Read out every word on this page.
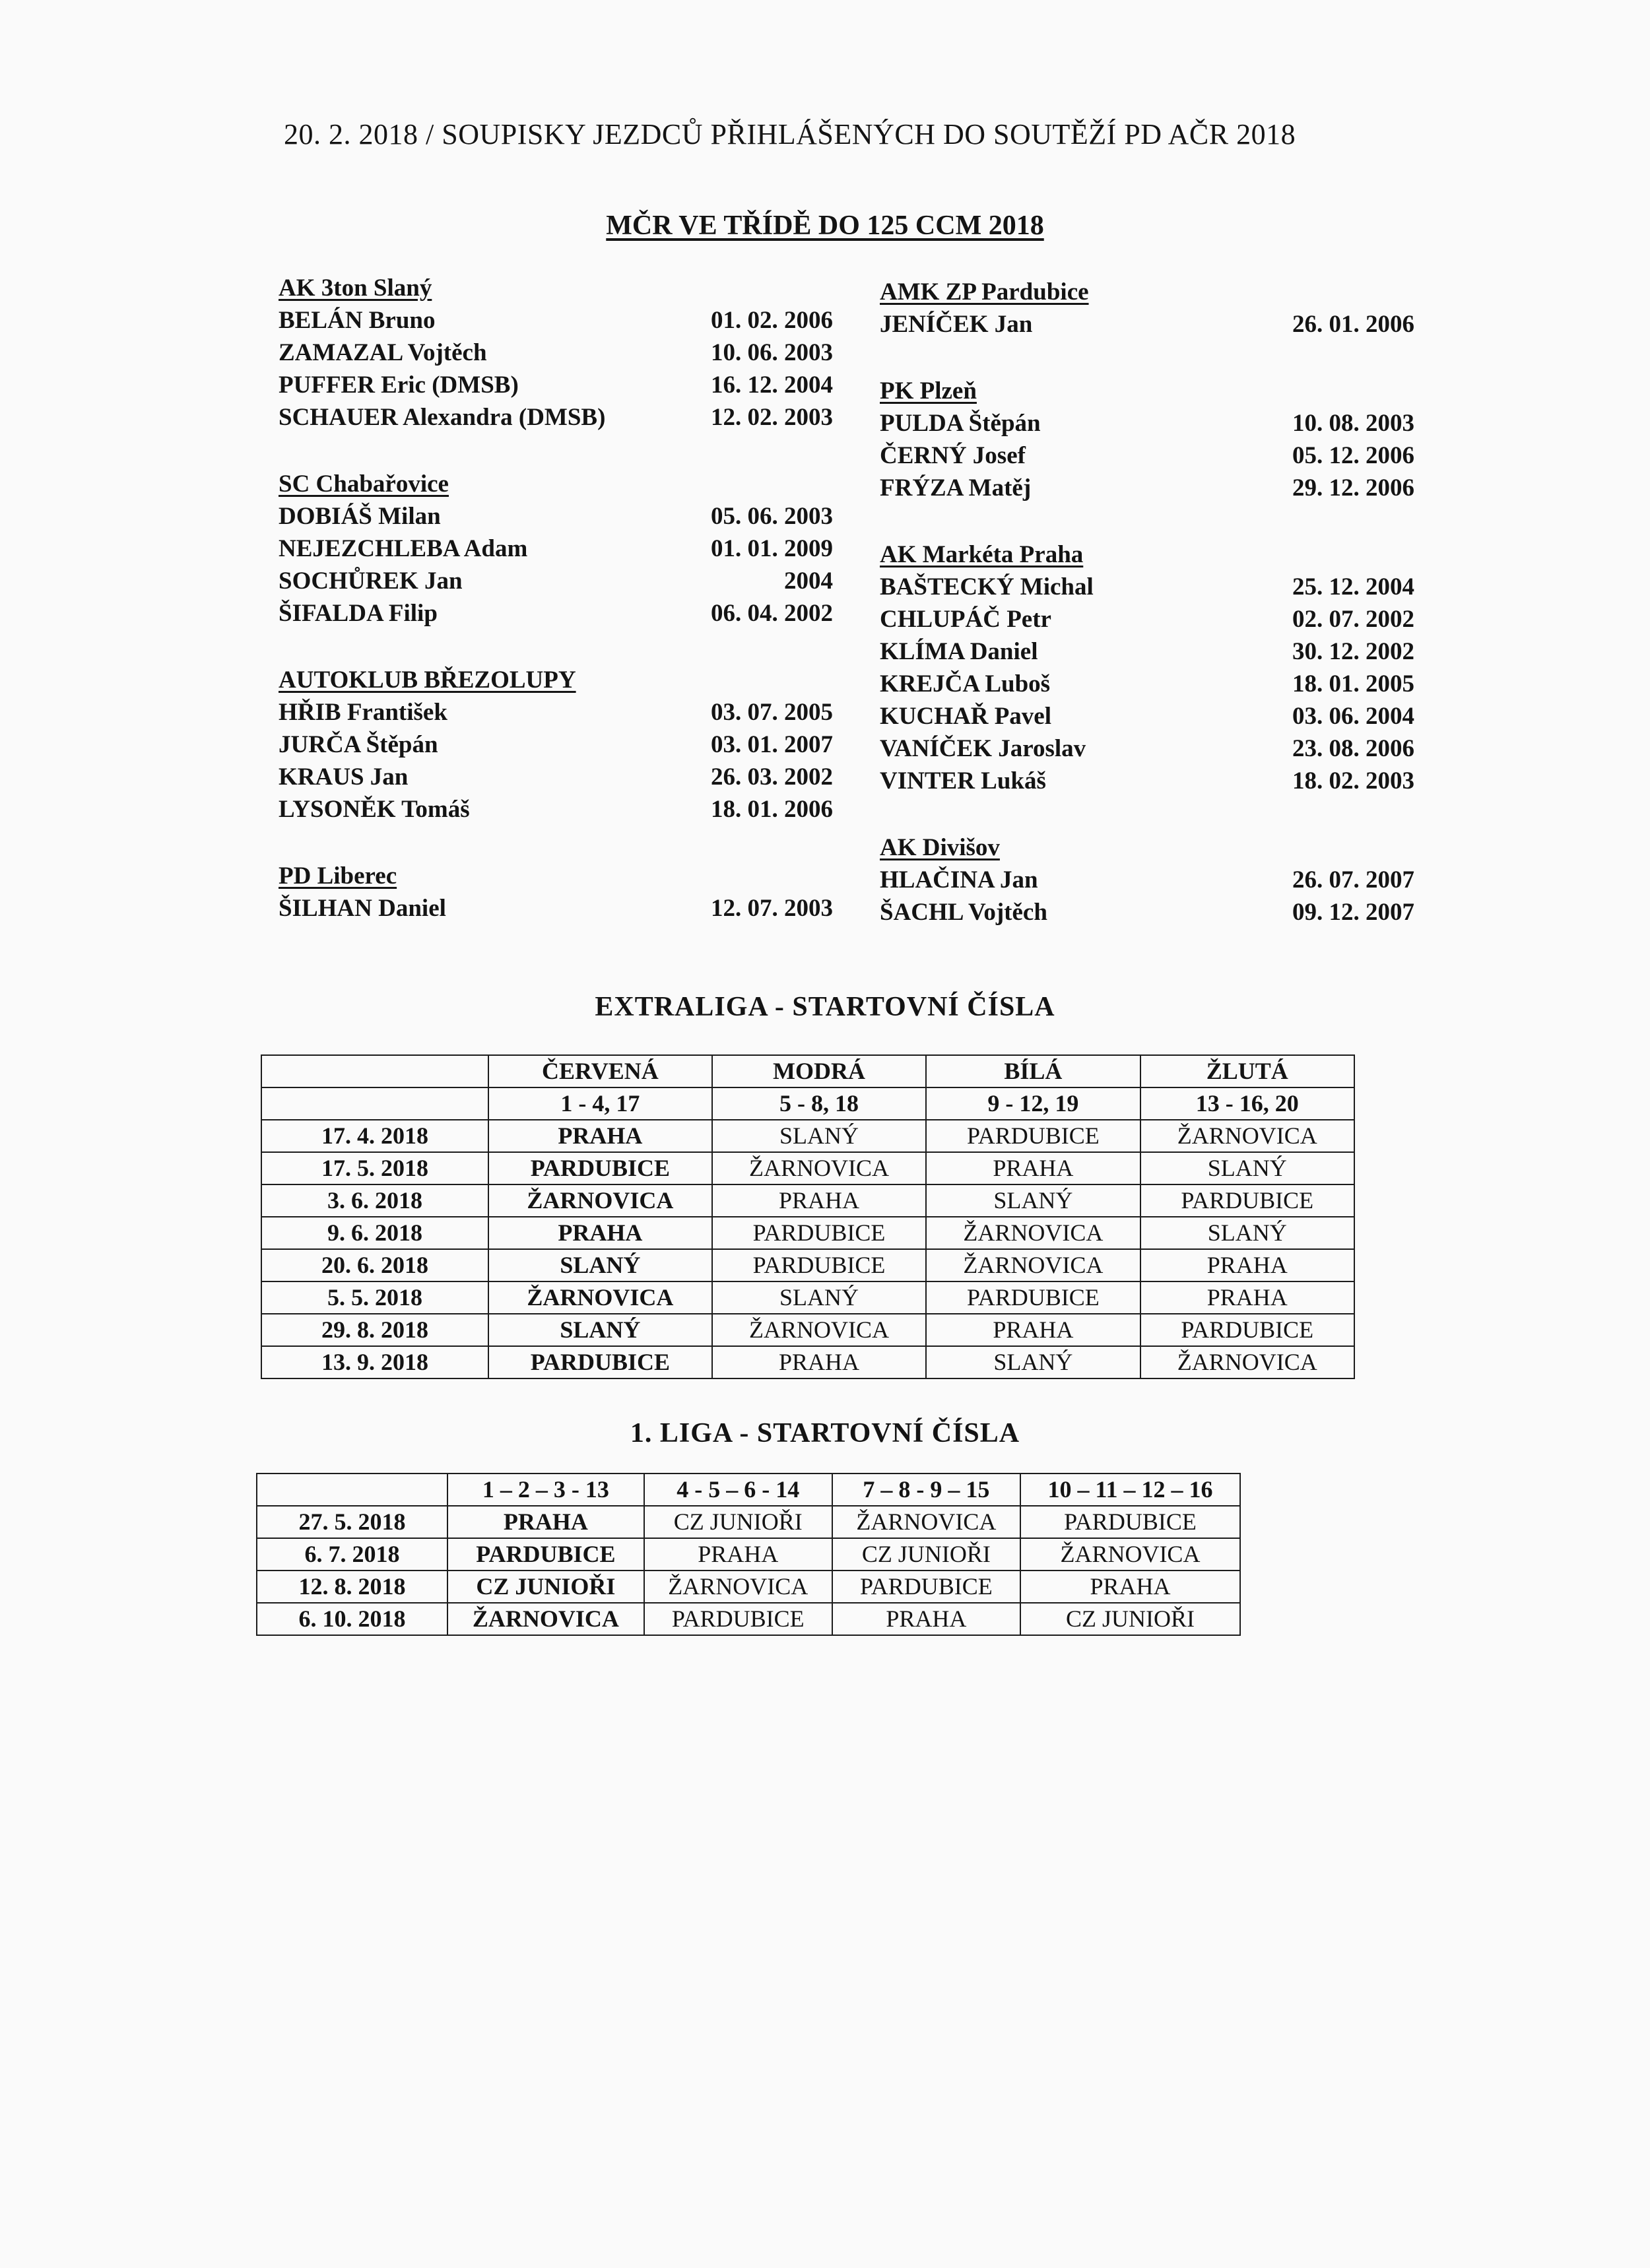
20. 2. 2018 / SOUPISKY JEZDCŮ PŘIHLÁŠENÝCH DO SOUTĚŽÍ PD AČR 2018
MČR VE TŘÍDĚ DO 125 CCM 2018
AK 3ton Slaný
BELÁN Bruno	01. 02. 2006
ZAMAZAL Vojtěch	10. 06. 2003
PUFFER Eric (DMSB)	16. 12. 2004
SCHAUER Alexandra (DMSB)	12. 02. 2003
SC Chabařovice
DOBIÁŠ Milan	05. 06. 2003
NEJEZCHLEBA Adam	01. 01. 2009
SOCHŮREK Jan	2004
ŠIFALDA Filip	06. 04. 2002
AUTOKLUB BŘEZOLUPY
HŘIB František	03. 07. 2005
JURČA Štěpán	03. 01. 2007
KRAUS Jan	26. 03. 2002
LYSONĚK Tomáš	18. 01. 2006
PD Liberec
ŠILHAN Daniel	12. 07. 2003
AMK ZP Pardubice
JENÍČEK Jan	26. 01. 2006
PK Plzeň
PULDA Štěpán	10. 08. 2003
ČERNÝ Josef	05. 12. 2006
FRÝZA Matěj	29. 12. 2006
AK Markéta Praha
BAŠTECKÝ Michal	25. 12. 2004
CHLUPÁČ Petr	02. 07. 2002
KLÍMA Daniel	30. 12. 2002
KREJČA Luboš	18. 01. 2005
KUCHAŘ Pavel	03. 06. 2004
VANÍČEK Jaroslav	23. 08. 2006
VINTER Lukáš	18. 02. 2003
AK Divišov
HLAČINA Jan	26. 07. 2007
ŠACHL Vojtěch	09. 12. 2007
EXTRALIGA - STARTOVNÍ ČÍSLA
	ČERVENÁ	MODRÁ	BÍLÁ	ŽLUTÁ
	1 - 4, 17	5 - 8, 18	9 - 12, 19	13 - 16, 20
17. 4. 2018	PRAHA	SLANÝ	PARDUBICE	ŽARNOVICA
17. 5. 2018	PARDUBICE	ŽARNOVICA	PRAHA	SLANÝ
3. 6. 2018	ŽARNOVICA	PRAHA	SLANÝ	PARDUBICE
9. 6. 2018	PRAHA	PARDUBICE	ŽARNOVICA	SLANÝ
20. 6. 2018	SLANÝ	PARDUBICE	ŽARNOVICA	PRAHA
5. 5. 2018	ŽARNOVICA	SLANÝ	PARDUBICE	PRAHA
29. 8. 2018	SLANÝ	ŽARNOVICA	PRAHA	PARDUBICE
13. 9. 2018	PARDUBICE	PRAHA	SLANÝ	ŽARNOVICA
1. LIGA - STARTOVNÍ ČÍSLA
	1 – 2 – 3 - 13	4 - 5 – 6 - 14	7 – 8 - 9 – 15	10 – 11 – 12 – 16
27. 5. 2018	PRAHA	CZ JUNIOŘI	ŽARNOVICA	PARDUBICE
6. 7. 2018	PARDUBICE	PRAHA	CZ JUNIOŘI	ŽARNOVICA
12. 8. 2018	CZ JUNIOŘI	ŽARNOVICA	PARDUBICE	PRAHA
6. 10. 2018	ŽARNOVICA	PARDUBICE	PRAHA	CZ JUNIOŘI
